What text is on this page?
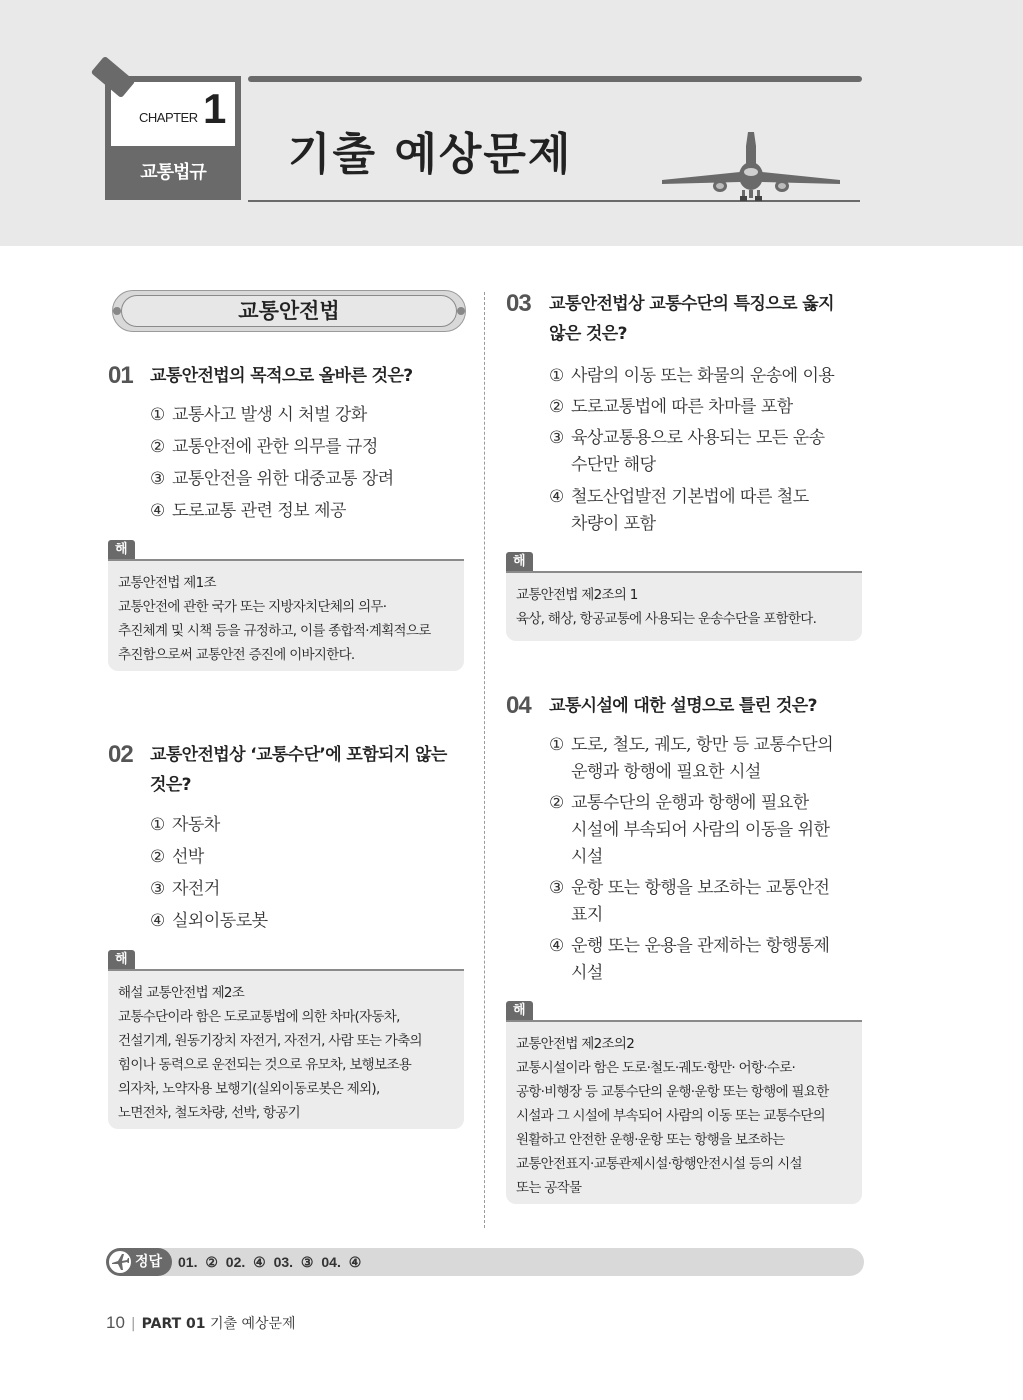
CHAPTER 1
교통법규	기출 예상문제
교통안전법
01 교통안전법의 목적으로 올바른 것은?
① 교통사고 발생 시 처벌 강화
② 교통안전에 관한 의무를 규정
③ 교통안전을 위한 대중교통 장려
④ 도로교통 관련 정보 제공
해
교통안전법 제1조
교통안전에 관한 국가 또는 지방자치단체의 의무·
추진체계 및 시책 등을 규정하고, 이를 종합적·계획적으로
추진함으로써 교통안전 증진에 이바지한다.
02 교통안전법상 ‘교통수단’에 포함되지 않는
것은?
① 자동차
② 선박
③ 자전거
④ 실외이동로봇
해
해설 교통안전법 제2조
교통수단이라 함은 도로교통법에 의한 차마(자동차,
건설기계, 원동기장치 자전거, 자전거, 사람 또는 가축의
힘이나 동력으로 운전되는 것으로 유모차, 보행보조용
의자차, 노약자용 보행기(실외이동로봇은 제외),
노면전차, 철도차량, 선박, 항공기
03 교통안전법상 교통수단의 특징으로 옳지
않은 것은?
① 사람의 이동 또는 화물의 운송에 이용
② 도로교통법에 따른 차마를 포함
③ 육상교통용으로 사용되는 모든 운송
수단만 해당
④ 철도산업발전 기본법에 따른 철도
차량이 포함
해
교통안전법 제2조의 1
육상, 해상, 항공교통에 사용되는 운송수단을 포함한다.
04 교통시설에 대한 설명으로 틀린 것은?
① 도로, 철도, 궤도, 항만 등 교통수단의
운행과 항행에 필요한 시설
② 교통수단의 운행과 항행에 필요한
시설에 부속되어 사람의 이동을 위한
시설
③ 운항 또는 항행을 보조하는 교통안전
표지
④ 운행 또는 운용을 관제하는 항행통제
시설
해
교통안전법 제2조의2
교통시설이라 함은 도로·철도·궤도·항만· 어항·수로·
공항·비행장 등 교통수단의 운행·운항 또는 항행에 필요한
시설과 그 시설에 부속되어 사람의 이동 또는 교통수단의
원활하고 안전한 운행·운항 또는 항행을 보조하는
교통안전표지·교통관제시설·항행안전시설 등의 시설
또는 공작물
정답 01. ② 02. ④ 03. ③ 04. ④
10 | PART 01 기출 예상문제
